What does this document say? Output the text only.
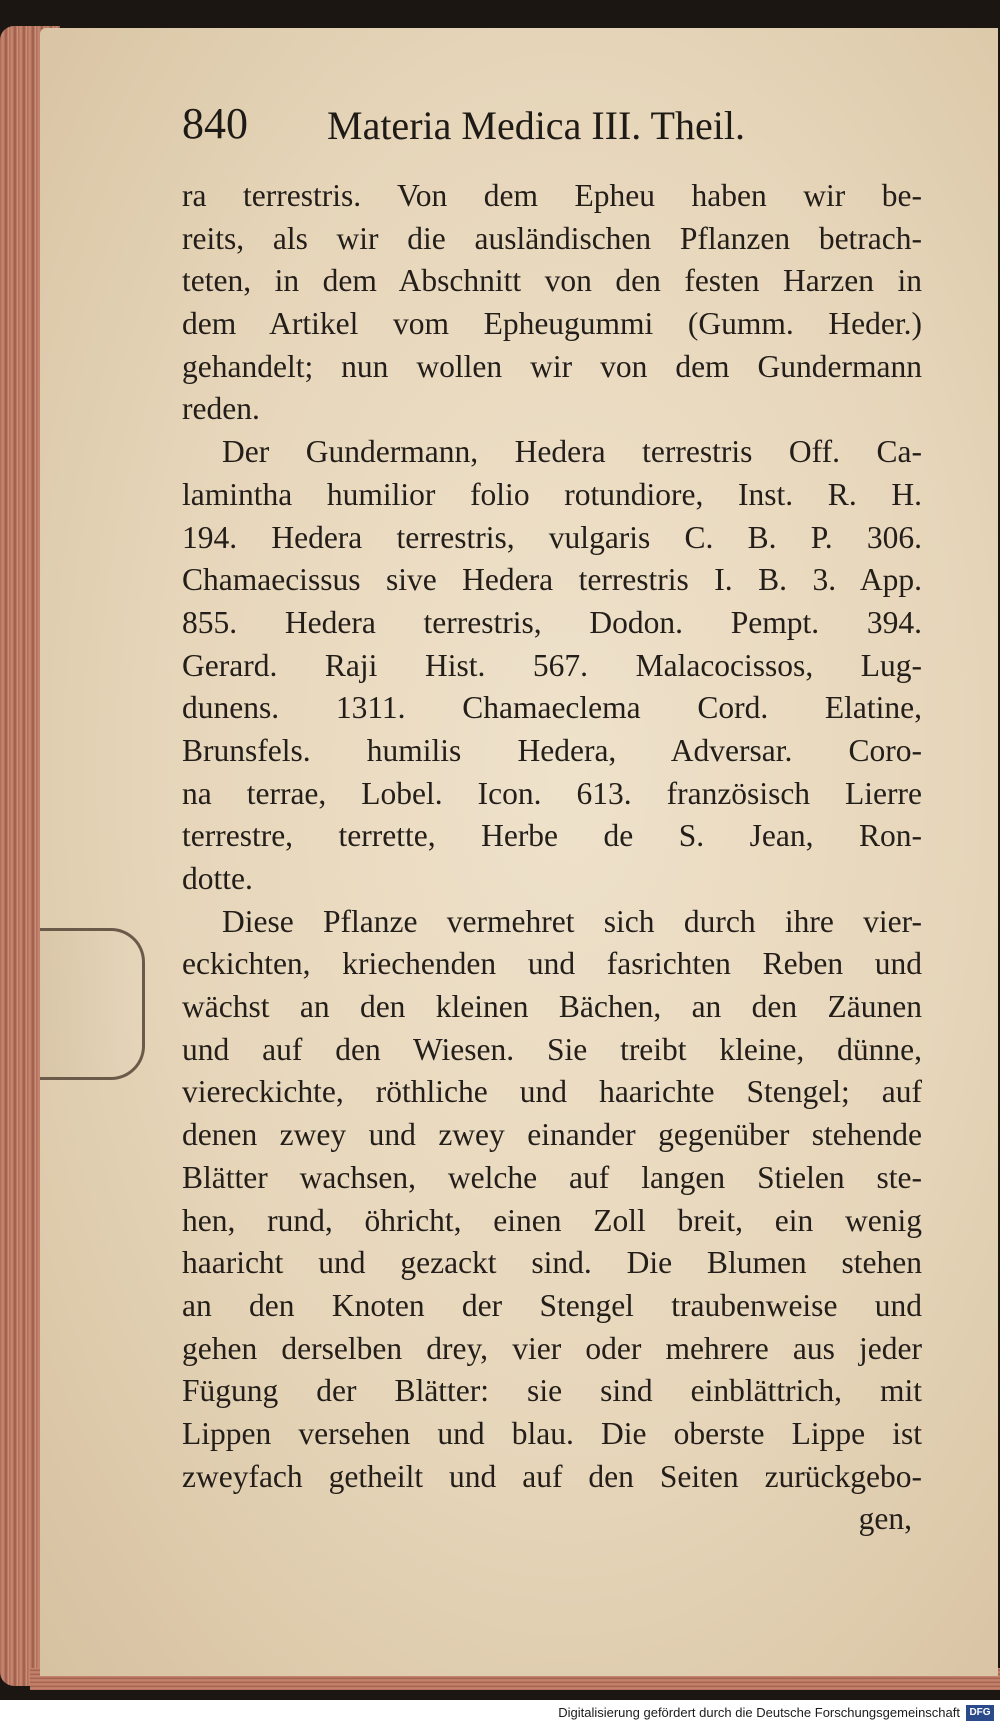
840 Materia Medica III. Theil.
ra terrestris. Von dem Epheu haben wir be-
reits, als wir die ausländischen Pflanzen betrach-
teten, in dem Abschnitt von den festen Harzen in
dem Artikel vom Epheugummi (Gumm. Heder.)
gehandelt; nun wollen wir von dem Gundermann
reden.
Der Gundermann, Hedera terrestris Off. Ca-
lamintha humilior folio rotundiore, Inst. R. H.
194. Hedera terrestris, vulgaris C. B. P. 306.
Chamaecissus sive Hedera terrestris I. B. 3. App.
855. Hedera terrestris, Dodon. Pempt. 394.
Gerard. Raji Hist. 567. Malacocissos, Lug-
dunens. 1311. Chamaeclema Cord. Elatine,
Brunsfels. humilis Hedera, Adversar. Coro-
na terrae, Lobel. Icon. 613. französisch Lierre
terrestre, terrette, Herbe de S. Jean, Ron-
dotte.
Diese Pflanze vermehret sich durch ihre vier-
eckichten, kriechenden und fasrichten Reben und
wächst an den kleinen Bächen, an den Zäunen
und auf den Wiesen. Sie treibt kleine, dünne,
viereckichte, röthliche und haarichte Stengel; auf
denen zwey und zwey einander gegenüber stehende
Blätter wachsen, welche auf langen Stielen ste-
hen, rund, öhricht, einen Zoll breit, ein wenig
haaricht und gezackt sind. Die Blumen stehen
an den Knoten der Stengel traubenweise und
gehen derselben drey, vier oder mehrere aus jeder
Fügung der Blätter: sie sind einblättrich, mit
Lippen versehen und blau. Die oberste Lippe ist
zweyfach getheilt und auf den Seiten zurückgebo-
gen,
Digitalisierung gefördert durch die Deutsche Forschungsgemeinschaft DFG
